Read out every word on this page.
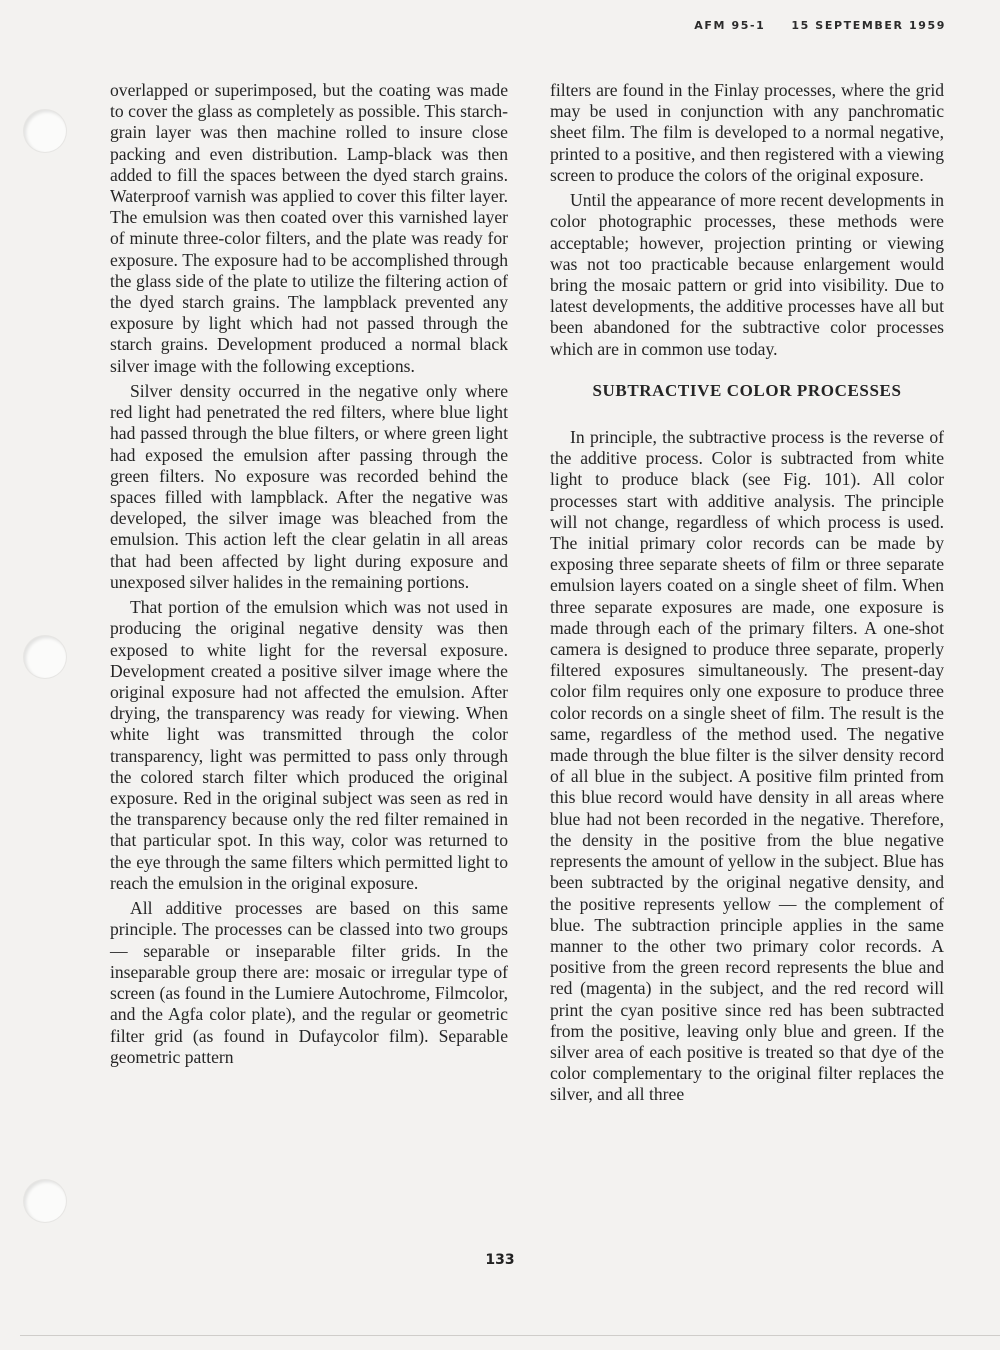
AFM 95-1 15 SEPTEMBER 1959

overlapped or superimposed, but the coating was made to cover the glass as completely as possible. This starch-grain layer was then machine rolled to insure close packing and even distribution. Lamp-black was then added to fill the spaces between the dyed starch grains. Waterproof varnish was applied to cover this filter layer. The emulsion was then coated over this varnished layer of minute three-color filters, and the plate was ready for exposure. The exposure had to be accomplished through the glass side of the plate to utilize the filtering action of the dyed starch grains. The lampblack prevented any exposure by light which had not passed through the starch grains. Development produced a normal black silver image with the following exceptions.

Silver density occurred in the negative only where red light had penetrated the red filters, where blue light had passed through the blue filters, or where green light had exposed the emulsion after passing through the green filters. No exposure was recorded behind the spaces filled with lampblack. After the negative was developed, the silver image was bleached from the emulsion. This action left the clear gelatin in all areas that had been affected by light during exposure and unexposed silver halides in the remaining portions.

That portion of the emulsion which was not used in producing the original negative density was then exposed to white light for the reversal exposure. Development created a positive silver image where the original exposure had not affected the emulsion. After drying, the transparency was ready for viewing. When white light was transmitted through the color transparency, light was permitted to pass only through the colored starch filter which produced the original exposure. Red in the original subject was seen as red in the transparency because only the red filter remained in that particular spot. In this way, color was returned to the eye through the same filters which permitted light to reach the emulsion in the original exposure.

All additive processes are based on this same principle. The processes can be classed into two groups — separable or inseparable filter grids. In the inseparable group there are: mosaic or irregular type of screen (as found in the Lumiere Autochrome, Filmcolor, and the Agfa color plate), and the regular or geometric filter grid (as found in Dufaycolor film). Separable geometric pattern

filters are found in the Finlay processes, where the grid may be used in conjunction with any panchromatic sheet film. The film is developed to a normal negative, printed to a positive, and then registered with a viewing screen to produce the colors of the original exposure.

Until the appearance of more recent developments in color photographic processes, these methods were acceptable; however, projection printing or viewing was not too practicable because enlargement would bring the mosaic pattern or grid into visibility. Due to latest developments, the additive processes have all but been abandoned for the subtractive color processes which are in common use today.

SUBTRACTIVE COLOR PROCESSES

In principle, the subtractive process is the reverse of the additive process. Color is subtracted from white light to produce black (see Fig. 101). All color processes start with additive analysis. The principle will not change, regardless of which process is used. The initial primary color records can be made by exposing three separate sheets of film or three separate emulsion layers coated on a single sheet of film. When three separate exposures are made, one exposure is made through each of the primary filters. A one-shot camera is designed to produce three separate, properly filtered exposures simultaneously. The present-day color film requires only one exposure to produce three color records on a single sheet of film. The result is the same, regardless of the method used. The negative made through the blue filter is the silver density record of all blue in the subject. A positive film printed from this blue record would have density in all areas where blue had not been recorded in the negative. Therefore, the density in the positive from the blue negative represents the amount of yellow in the subject. Blue has been subtracted by the original negative density, and the positive represents yellow — the complement of blue. The subtraction principle applies in the same manner to the other two primary color records. A positive from the green record represents the blue and red (magenta) in the subject, and the red record will print the cyan positive since red has been subtracted from the positive, leaving only blue and green. If the silver area of each positive is treated so that dye of the color complementary to the original filter replaces the silver, and all three

133
